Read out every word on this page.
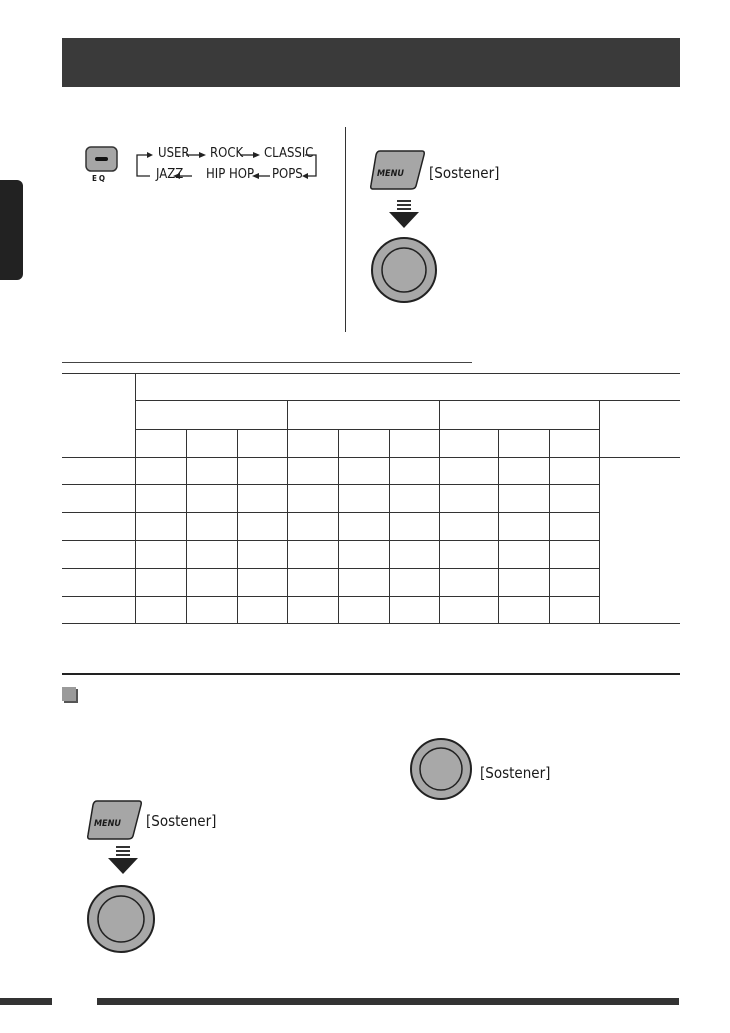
EQ
USER ROCK CLASSIC
JAZZ HIP HOP POPS	MENU [Sostener]

[Sostener]
MENU [Sostener]
